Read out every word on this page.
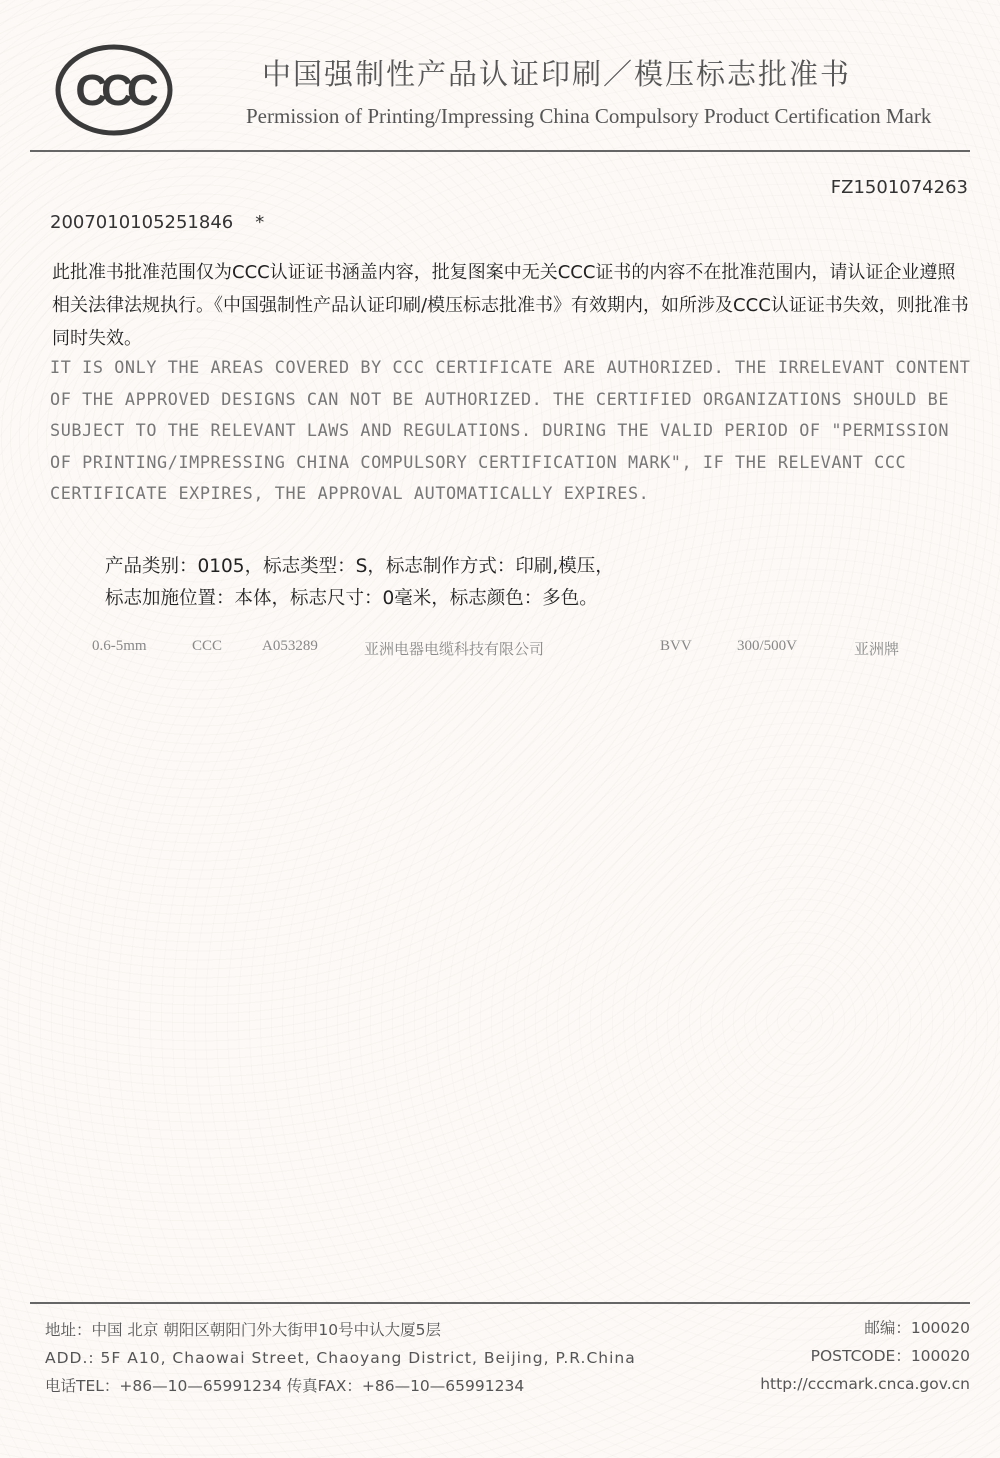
CCC	中国强制性产品认证印刷／模压标志批准书
Permission of Printing/Impressing China Compulsory Product Certification Mark
FZ1501074263
2007010105251846 *
此批准书批准范围仅为CCC认证证书涵盖内容，批复图案中无关CCC证书的内容不在批准范围内，请认证企业遵照相关法律法规执行。《中国强制性产品认证印刷/模压标志批准书》有效期内，如所涉及CCC认证证书失效，则批准书同时失效。
IT IS ONLY THE AREAS COVERED BY CCC CERTIFICATE ARE AUTHORIZED. THE IRRELEVANT CONTENT OF THE APPROVED DESIGNS CAN NOT BE AUTHORIZED. THE CERTIFIED ORGANIZATIONS SHOULD BE SUBJECT TO THE RELEVANT LAWS AND REGULATIONS. DURING THE VALID PERIOD OF "PERMISSION OF PRINTING/IMPRESSING CHINA COMPULSORY CERTIFICATION MARK", IF THE RELEVANT CCC CERTIFICATE EXPIRES, THE APPROVAL AUTOMATICALLY EXPIRES.
产品类别：0105，标志类型：S，标志制作方式：印刷,模压，
标志加施位置：本体，标志尺寸：0毫米，标志颜色：多色。
0.6-5mm	CCC	A053289	亚洲电器电缆科技有限公司	BVV	300/500V	亚洲牌
地址：中国 北京 朝阳区朝阳门外大街甲10号中认大厦5层
ADD.: 5F A10, Chaowai Street, Chaoyang District, Beijing, P.R.China
电话TEL：+86—10—65991234 传真FAX：+86—10—65991234
邮编：100020
POSTCODE：100020
http://cccmark.cnca.gov.cn
